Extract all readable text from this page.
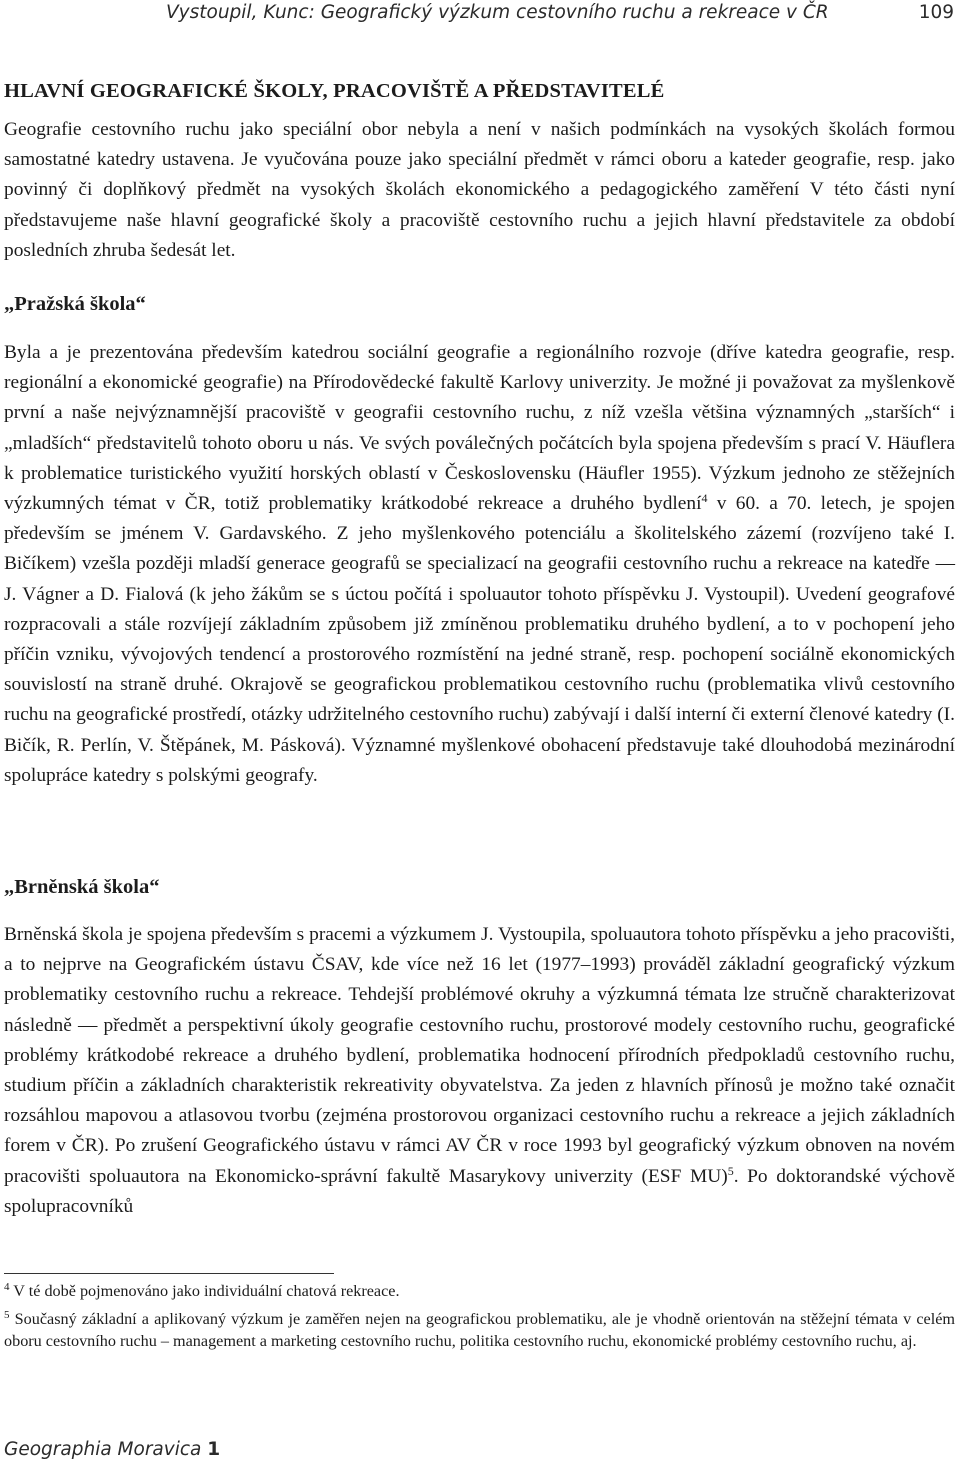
Vystoupil, Kunc: Geografický výzkum cestovního ruchu a rekreace v ČR	109
HLAVNÍ GEOGRAFICKÉ ŠKOLY, PRACOVIŠTĚ A PŘEDSTAVITELÉ

Geografie cestovního ruchu jako speciální obor nebyla a není v našich podmínkách na vysokých školách formou samostatné katedry ustavena. Je vyučována pouze jako speciální předmět v rámci oboru a kateder geografie, resp. jako povinný či doplňkový předmět na vysokých školách ekonomického a pedagogického zaměření V této části nyní představujeme naše hlavní geografické školy a pracoviště cestovního ruchu a jejich hlavní představitele za období posledních zhruba šedesát let.

„Pražská škola“

Byla a je prezentována především katedrou sociální geografie a regionálního rozvoje (dříve katedra geografie, resp. regionální a ekonomické geografie) na Přírodovědecké fakultě Karlovy univerzity. Je možné ji považovat za myšlenkově první a naše nejvýznamnější pracoviště v geografii cestovního ruchu, z níž vzešla většina významných „starších“ i „mladších“ představitelů tohoto oboru u nás. Ve svých poválečných počátcích byla spojena především s prací V. Häuflera k problematice turistického využití horských oblastí v Československu (Häufler 1955). Výzkum jednoho ze stěžejních výzkumných témat v ČR, totiž problematiky krátkodobé rekreace a druhého bydlení$^4$ v 60. a 70. letech, je spojen především se jménem V. Gardavského. Z jeho myšlenkového potenciálu a školitelského zázemí (rozvíjeno také I. Bičíkem) vzešla později mladší generace geografů se specializací na geografii cestovního ruchu a rekreace na katedře — J. Vágner a D. Fialová (k jeho žákům se s úctou počítá i spoluautor tohoto příspěvku J. Vystoupil). Uvedení geografové rozpracovali a stále rozvíjejí základním způsobem již zmíněnou problematiku druhého bydlení, a to v pochopení jeho příčin vzniku, vývojových tendencí a prostorového rozmístění na jedné straně, resp. pochopení sociálně ekonomických souvislostí na straně druhé. Okrajově se geografickou problematikou cestovního ruchu (problematika vlivů cestovního ruchu na geografické prostředí, otázky udržitelného cestovního ruchu) zabývají i další interní či externí členové katedry (I. Bičík, R. Perlín, V. Štěpánek, M. Pásková). Významné myšlenkové obohacení představuje také dlouhodobá mezinárodní spolupráce katedry s polskými geografy.

„Brněnská škola“

Brněnská škola je spojena především s pracemi a výzkumem J. Vystoupila, spoluautora tohoto příspěvku a jeho pracovišti, a to nejprve na Geografickém ústavu ČSAV, kde více než 16 let (1977–1993) prováděl základní geografický výzkum problematiky cestovního ruchu a rekreace. Tehdejší problémové okruhy a výzkumná témata lze stručně charakterizovat následně — předmět a perspektivní úkoly geografie cestovního ruchu, prostorové modely cestovního ruchu, geografické problémy krátkodobé rekreace a druhého bydlení, problematika hodnocení přírodních předpokladů cestovního ruchu, studium příčin a základních charakteristik rekreativity obyvatelstva. Za jeden z hlavních přínosů je možno také označit rozsáhlou mapovou a atlasovou tvorbu (zejména prostorovou organizaci cestovního ruchu a rekreace a jejich základních forem v ČR). Po zrušení Geografického ústavu v rámci AV ČR v roce 1993 byl geografický výzkum obnoven na novém pracovišti spoluautora na Ekonomicko-správní fakultě Masarykovy univerzity (ESF MU)$^5$. Po doktorandské výchově spolupracovníků

$^4$ V té době pojmenováno jako individuální chatová rekreace.

$^5$ Současný základní a aplikovaný výzkum je zaměřen nejen na geografickou problematiku, ale je vhodně orientován na stěžejní témata v celém oboru cestovního ruchu – management a marketing cestovního ruchu, politika cestovního ruchu, ekonomické problémy cestovního ruchu, aj.

Geographia Moravica 1
